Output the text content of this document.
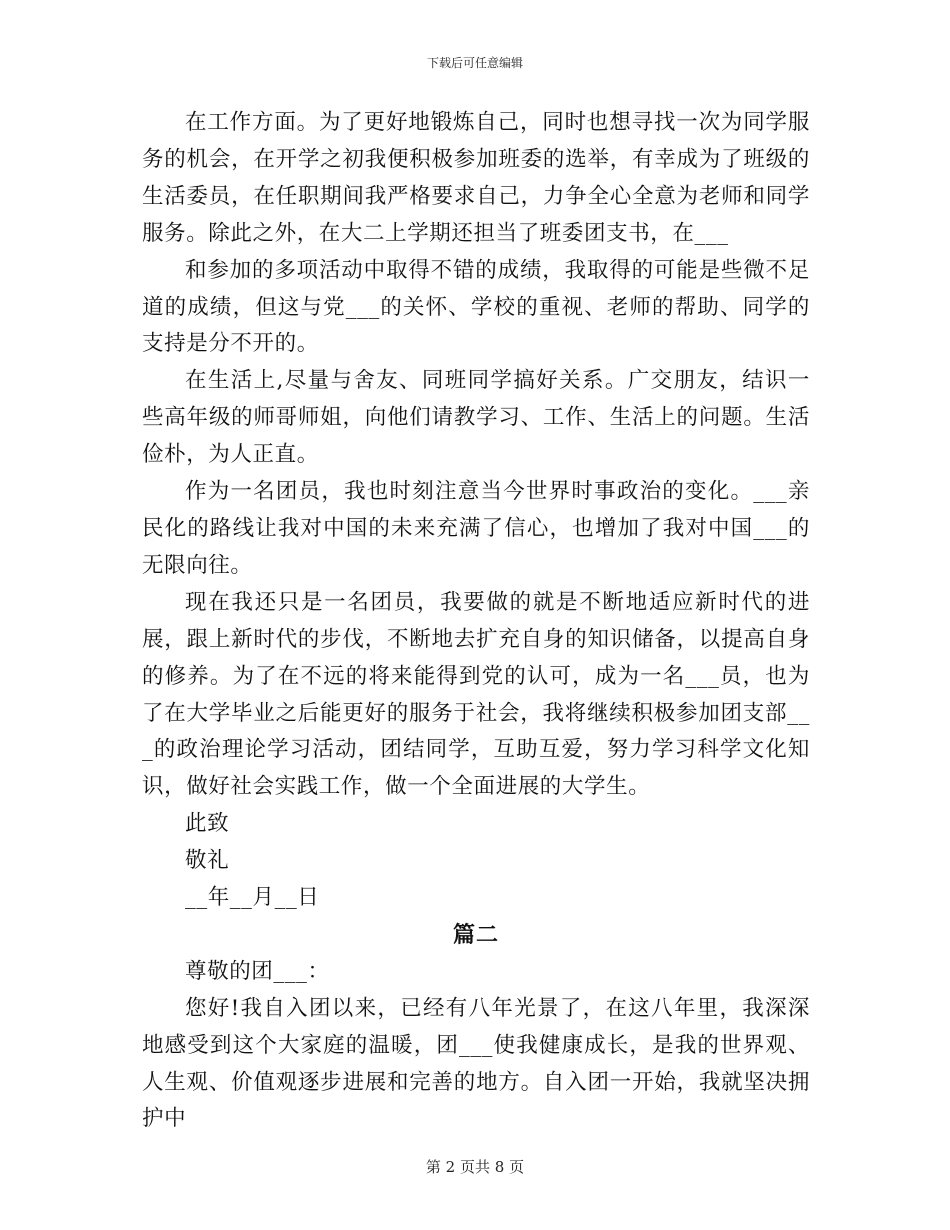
下载后可任意编辑

在工作方面。为了更好地锻炼自己，同时也想寻找一次为同学服务的机会，在开学之初我便积极参加班委的选举，有幸成为了班级的生活委员，在任职期间我严格要求自己，力争全心全意为老师和同学服务。除此之外，在大二上学期还担当了班委团支书，在___

和参加的多项活动中取得不错的成绩，我取得的可能是些微不足道的成绩，但这与党___的关怀、学校的重视、老师的帮助、同学的支持是分不开的。

在生活上,尽量与舍友、同班同学搞好关系。广交朋友，结识一些高年级的师哥师姐，向他们请教学习、工作、生活上的问题。生活俭朴，为人正直。

作为一名团员，我也时刻注意当今世界时事政治的变化。___亲民化的路线让我对中国的未来充满了信心，也增加了我对中国___的无限向往。

现在我还只是一名团员，我要做的就是不断地适应新时代的进展，跟上新时代的步伐，不断地去扩充自身的知识储备，以提高自身的修养。为了在不远的将来能得到党的认可，成为一名___员，也为了在大学毕业之后能更好的服务于社会，我将继续积极参加团支部___的政治理论学习活动，团结同学，互助互爱，努力学习科学文化知识，做好社会实践工作，做一个全面进展的大学生。

此致

敬礼

__年__月__日

篇二

尊敬的团___：

您好!我自入团以来，已经有八年光景了，在这八年里，我深深地感受到这个大家庭的温暖，团___使我健康成长，是我的世界观、人生观、价值观逐步进展和完善的地方。自入团一开始，我就坚决拥护中

第 2 页共 8 页
